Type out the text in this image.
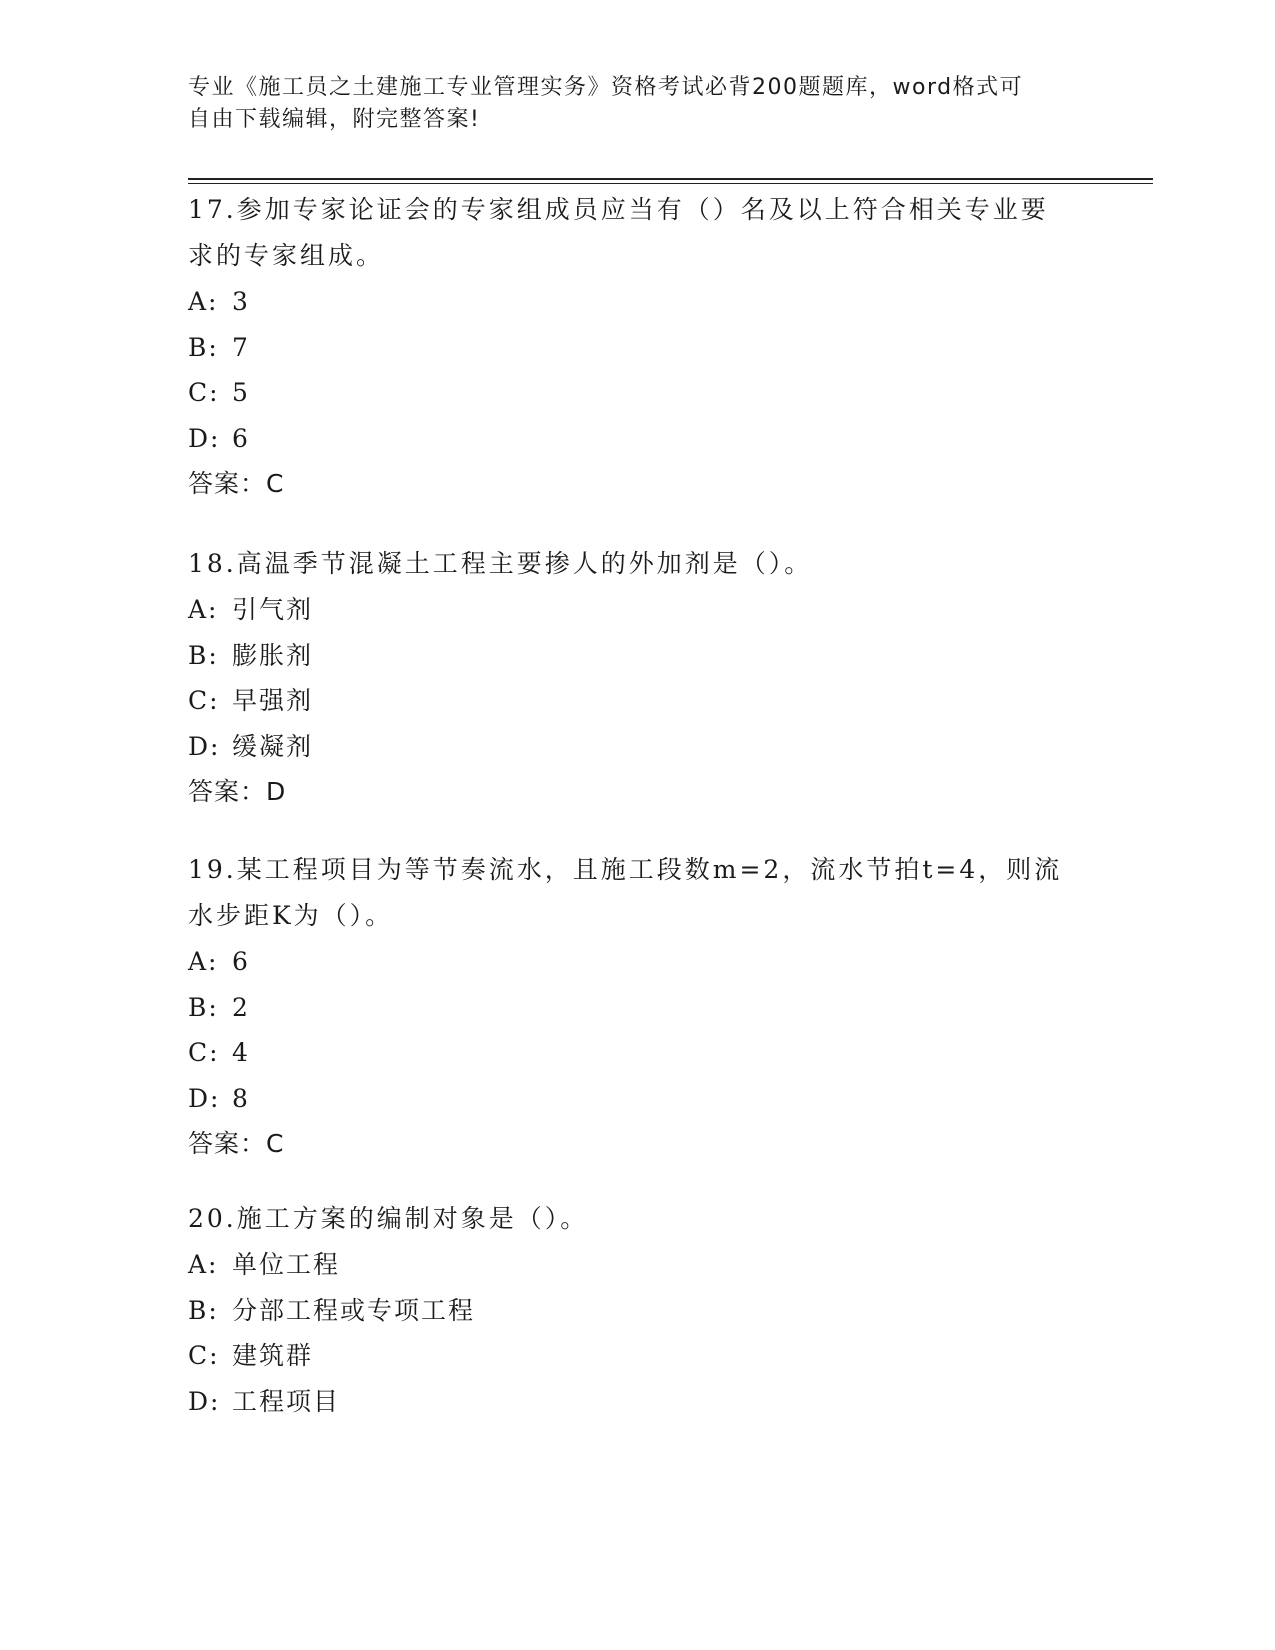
专业《施工员之土建施工专业管理实务》资格考试必背200题题库，word格式可
自由下载编辑，附完整答案!

17.参加专家论证会的专家组成员应当有（）名及以上符合相关专业要

求的专家组成。

A: 3

B: 7

C: 5

D: 6

答案：C

18.高温季节混凝土工程主要掺人的外加剂是（）。

A: 引气剂

B: 膨胀剂

C: 早强剂

D: 缓凝剂

答案：D

19.某工程项目为等节奏流水，且施工段数m=2，流水节拍t=4，则流

水步距K为（）。

A: 6

B: 2

C: 4

D: 8

答案：C

20.施工方案的编制对象是（）。

A: 单位工程

B: 分部工程或专项工程

C: 建筑群

D: 工程项目
